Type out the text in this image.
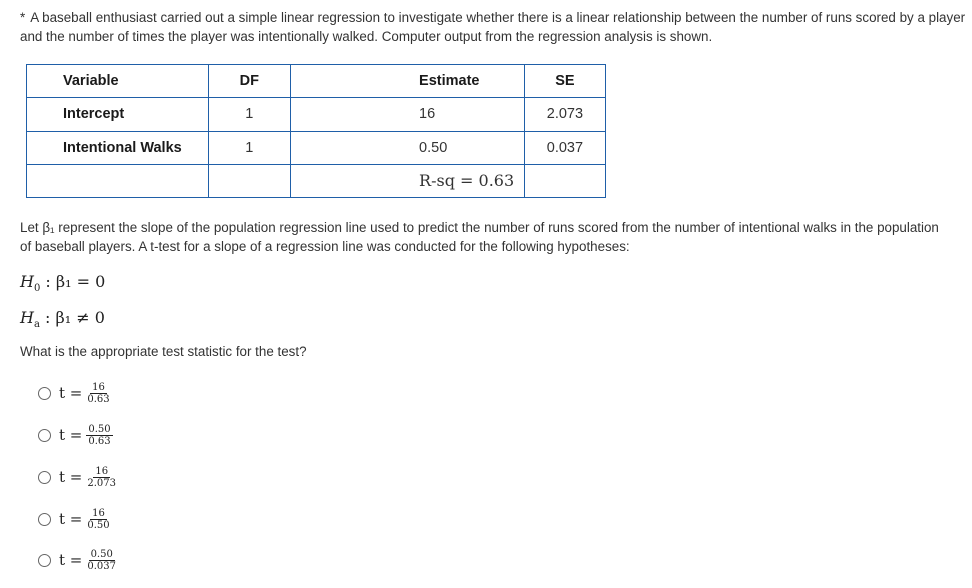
* A baseball enthusiast carried out a simple linear regression to investigate whether there is a linear relationship between the number of runs scored by a player and the number of times the player was intentionally walked. Computer output from the regression analysis is shown.
Variable	DF	Estimate	SE
Intercept	1	16	2.073
Intentional Walks	1	0.50	0.037
		R-sq = 0.63	
Let β₁ represent the slope of the population regression line used to predict the number of runs scored from the number of intentional walks in the population of baseball players. A t-test for a slope of a regression line was conducted for the following hypotheses:
$H_0$ : β₁ = 0
$H_a$ : β₁ ≠ 0
What is the appropriate test statistic for the test?
$t = \frac{16}{0.63}$
$t = \frac{0.50}{0.63}$
$t = \frac{16}{2.073}$
$t = \frac{16}{0.50}$
$t = \frac{0.50}{0.037}$
